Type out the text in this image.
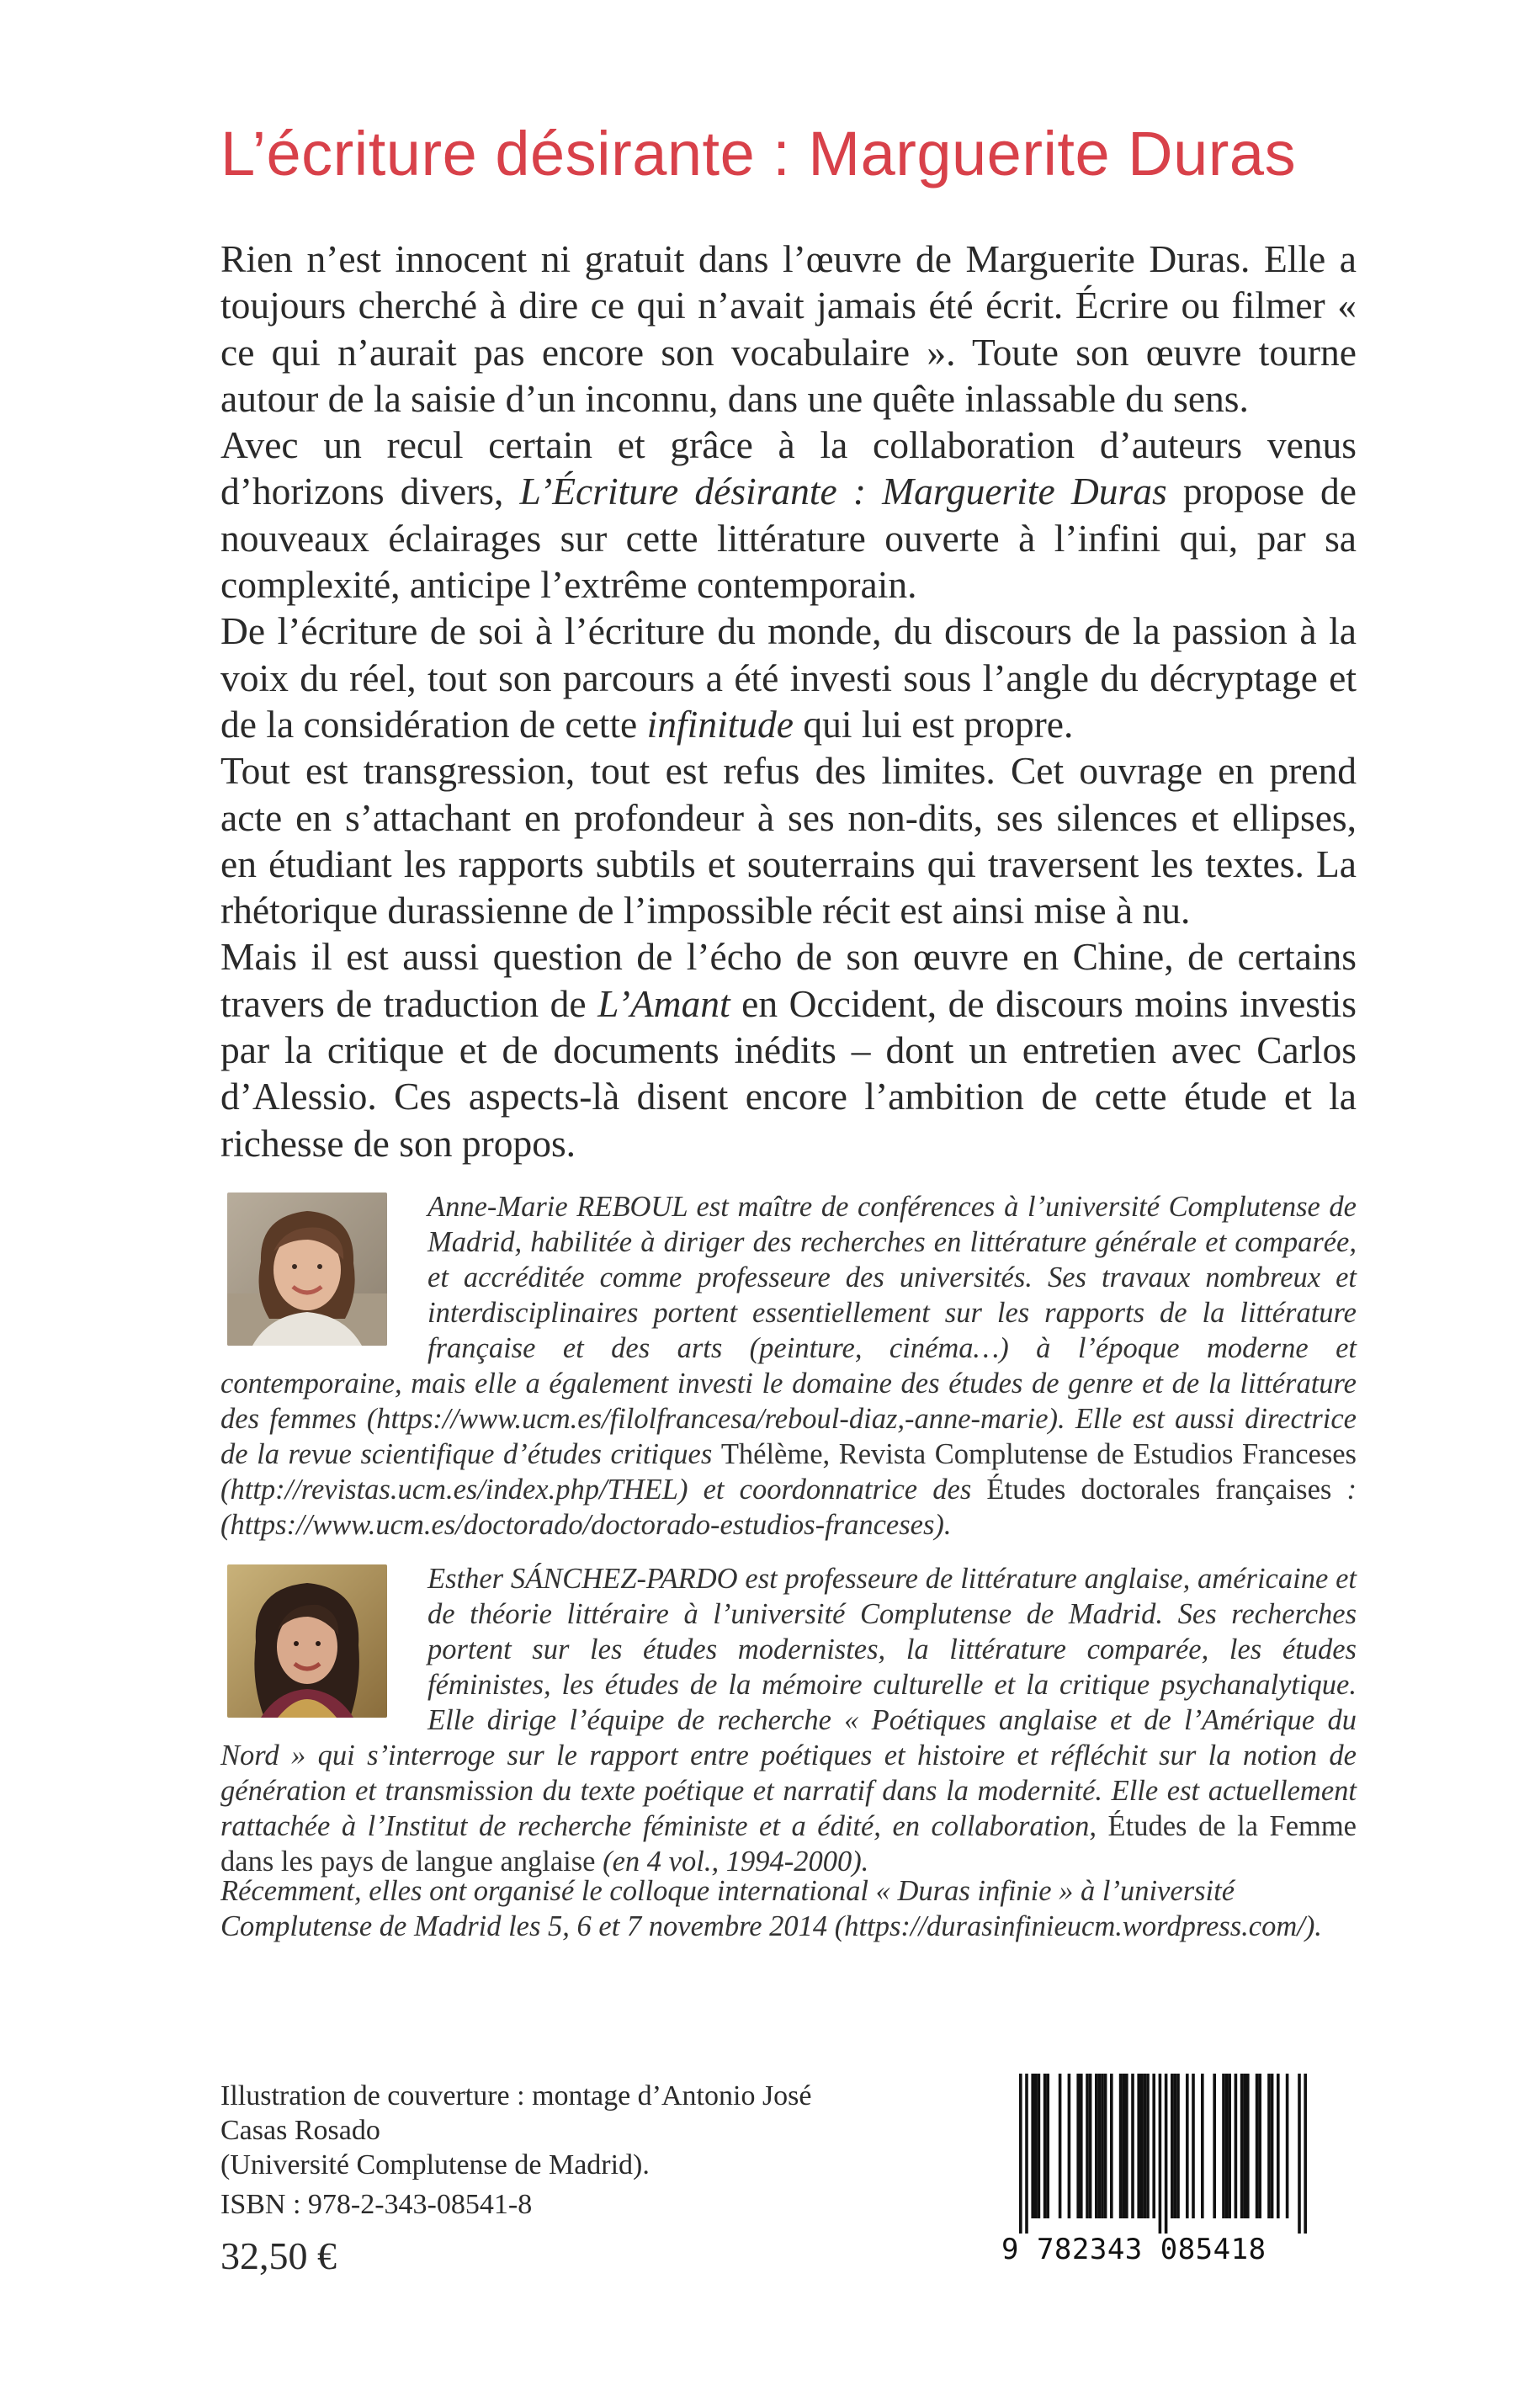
L’écriture désirante : Marguerite Duras

Rien n’est innocent ni gratuit dans l’œuvre de Marguerite Duras. Elle a toujours cherché à dire ce qui n’avait jamais été écrit. Écrire ou filmer « ce qui n’aurait pas encore son vocabulaire ». Toute son œuvre tourne autour de la saisie d’un inconnu, dans une quête inlassable du sens.

Avec un recul certain et grâce à la collaboration d’auteurs venus d’horizons divers, L’Écriture désirante : Marguerite Duras propose de nouveaux éclairages sur cette littérature ouverte à l’infini qui, par sa complexité, anticipe l’extrême contemporain.

De l’écriture de soi à l’écriture du monde, du discours de la passion à la voix du réel, tout son parcours a été investi sous l’angle du décryptage et de la considération de cette infinitude qui lui est propre.

Tout est transgression, tout est refus des limites. Cet ouvrage en prend acte en s’attachant en profondeur à ses non-dits, ses silences et ellipses, en étudiant les rapports subtils et souterrains qui traversent les textes. La rhétorique durassienne de l’impossible récit est ainsi mise à nu.

Mais il est aussi question de l’écho de son œuvre en Chine, de certains travers de traduction de L’Amant en Occident, de discours moins investis par la critique et de documents inédits – dont un entretien avec Carlos d’Alessio. Ces aspects-là disent encore l’ambition de cette étude et la richesse de son propos.

Anne-Marie REBOUL est maître de conférences à l’université Complutense de Madrid, habilitée à diriger des recherches en littérature générale et comparée, et accréditée comme professeure des universités. Ses travaux nombreux et interdisciplinaires portent essentiellement sur les rapports de la littérature française et des arts (peinture, cinéma…) à l’époque moderne et contemporaine, mais elle a également investi le domaine des études de genre et de la littérature des femmes (https://www.ucm.es/filolfrancesa/reboul-diaz,-anne-marie). Elle est aussi directrice de la revue scientifique d’études critiques Thélème, Revista Complutense de Estudios Franceses (http://revistas.ucm.es/index.php/THEL) et coordonnatrice des Études doctorales françaises : (https://www.ucm.es/doctorado/doctorado-estudios-franceses).
Esther SÁNCHEZ-PARDO est professeure de littérature anglaise, américaine et de théorie littéraire à l’université Complutense de Madrid. Ses recherches portent sur les études modernistes, la littérature comparée, les études féministes, les études de la mémoire culturelle et la critique psychanalytique. Elle dirige l’équipe de recherche « Poétiques anglaise et de l’Amérique du Nord » qui s’interroge sur le rapport entre poétiques et histoire et réfléchit sur la notion de génération et transmission du texte poétique et narratif dans la modernité. Elle est actuellement rattachée à l’Institut de recherche féministe et a édité, en collaboration, Études de la Femme dans les pays de langue anglaise (en 4 vol., 1994-2000).
Récemment, elles ont organisé le colloque international « Duras infinie » à l’université Complutense de Madrid les 5, 6 et 7 novembre 2014 (https://durasinfinieucm.wordpress.com/).
Illustration de couverture : montage d’Antonio José Casas Rosado
(Université Complutense de Madrid).
ISBN : 978-2-343-08541-8
32,50 €	9 782343 085418
